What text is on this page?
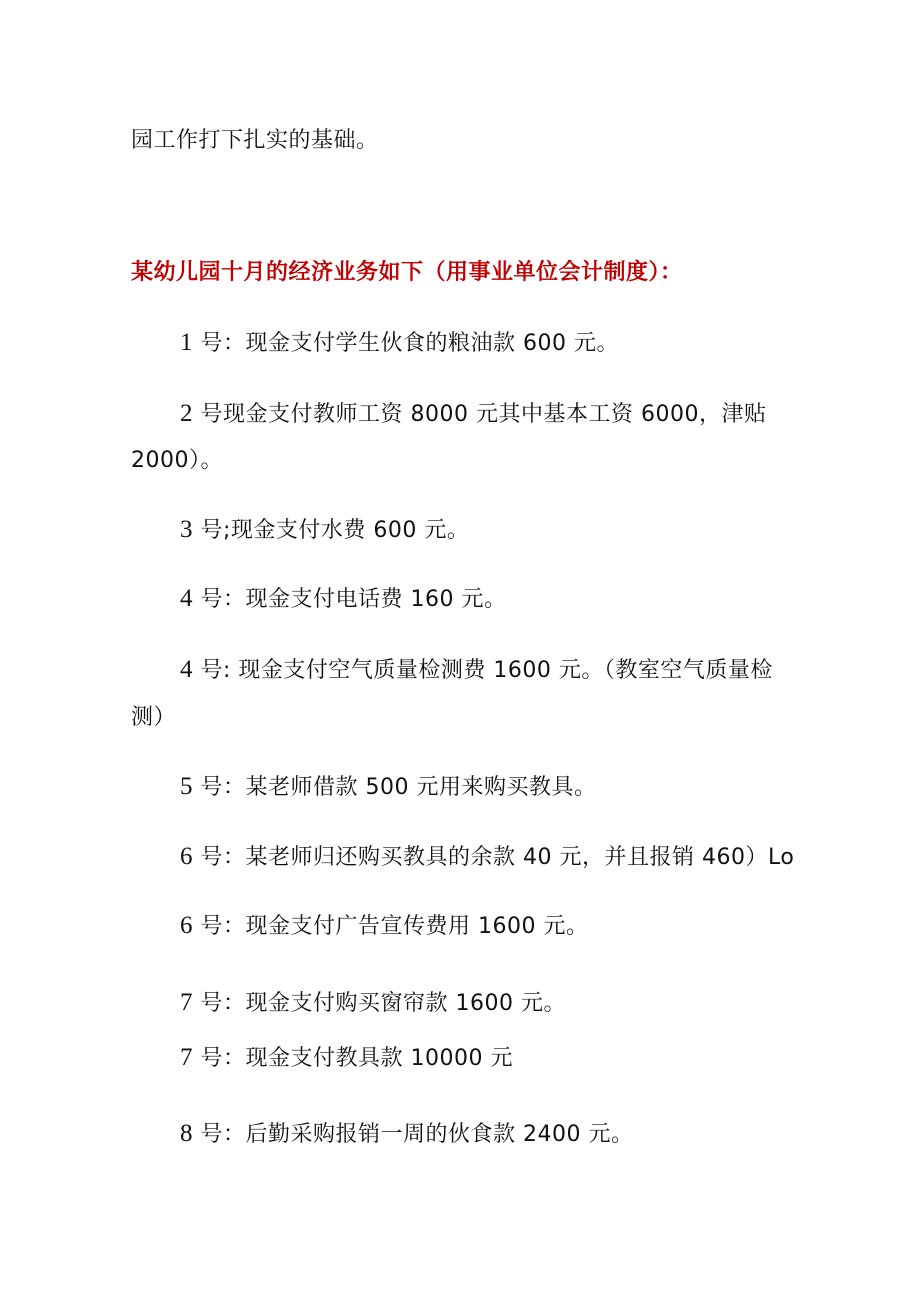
园工作打下扎实的基础。
某幼儿园十月的经济业务如下（用事业单位会计制度）：
1 号：现金支付学生伙食的粮油款 600 元。
2 号现金支付教师工资 8000 元其中基本工资 6000，津贴
2000）。
3 号;现金支付水费 600 元。
4 号：现金支付电话费 160 元。
4 号: 现金支付空气质量检测费 1600 元。（教室空气质量检
测）
5 号：某老师借款 500 元用来购买教具。
6 号：某老师归还购买教具的余款 40 元，并且报销 460）Lo
6 号：现金支付广告宣传费用 1600 元。
7 号：现金支付购买窗帘款 1600 元。
7 号：现金支付教具款 10000 元
8 号：后勤采购报销一周的伙食款 2400 元。
